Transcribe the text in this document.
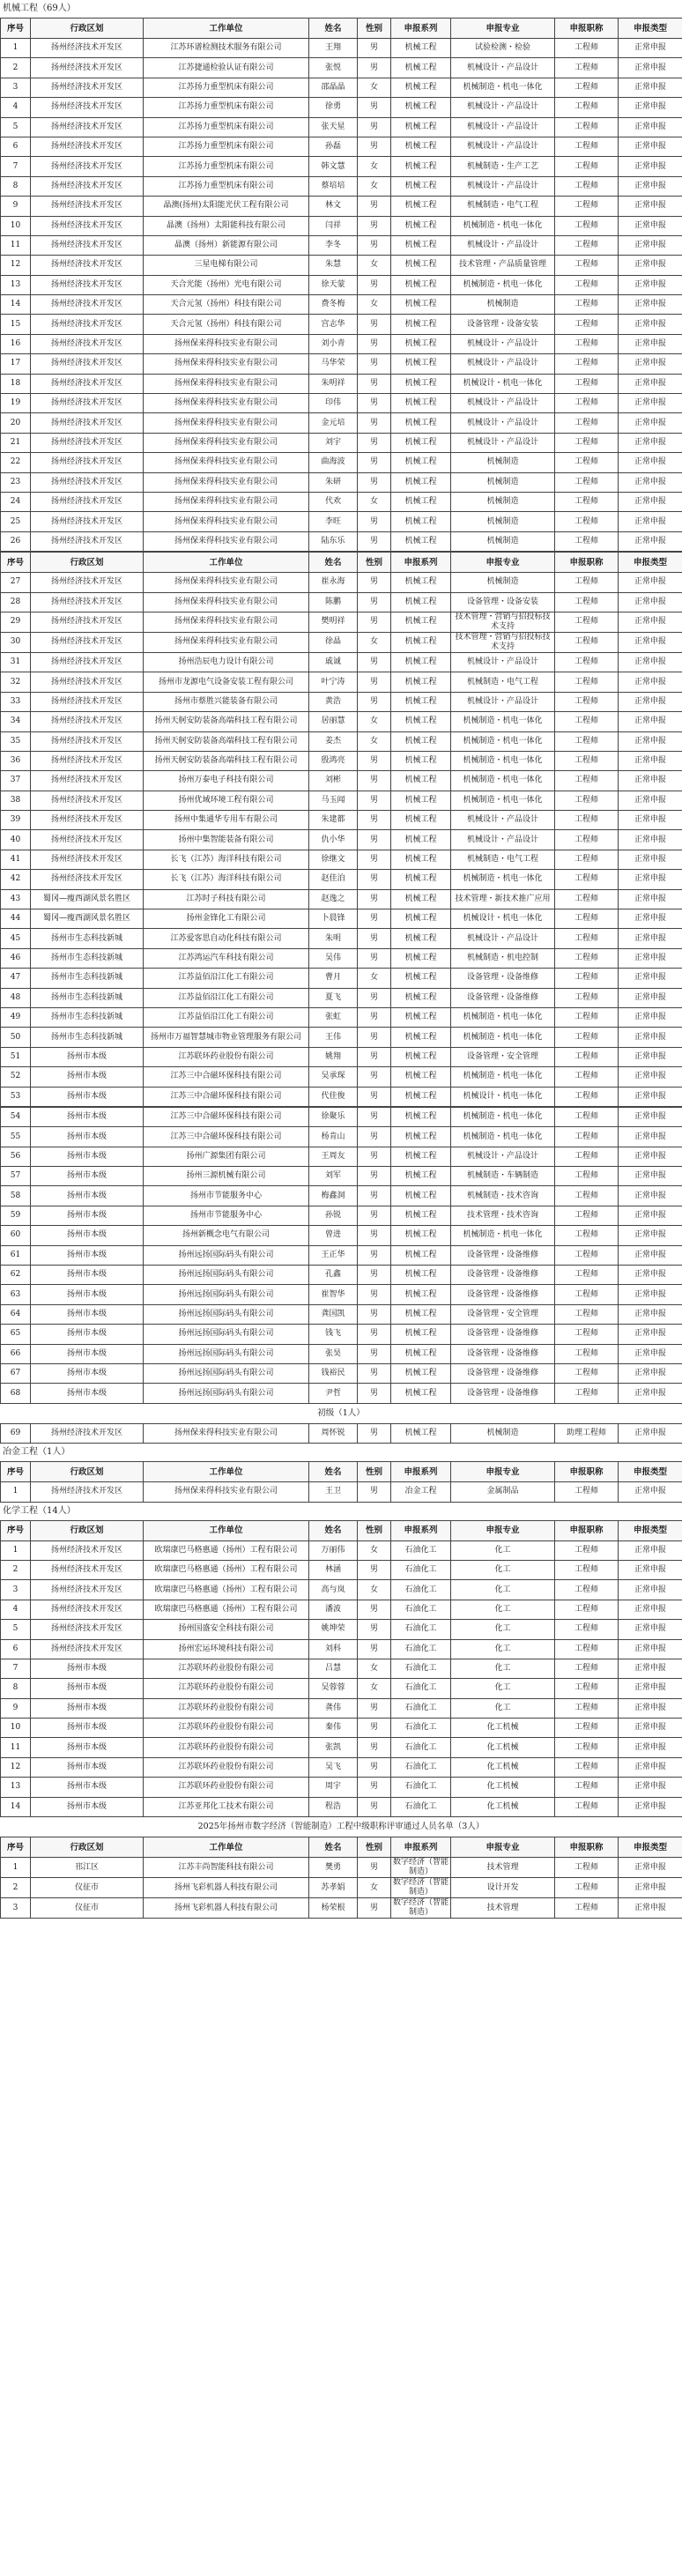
机械工程（69人）
序号	行政区划	工作单位	姓名	性别	申报系列	申报专业	申报职称	申报类型
1	扬州经济技术开发区	江苏环谱检测技术服务有限公司	王翔	男	机械工程	试验检测・检验	工程师	正常申报
2	扬州经济技术开发区	江苏捷通检验认证有限公司	张悦	男	机械工程	机械设计・产品设计	工程师	正常申报
3	扬州经济技术开发区	江苏扬力重型机床有限公司	邵晶晶	女	机械工程	机械制造・机电一体化	工程师	正常申报
4	扬州经济技术开发区	江苏扬力重型机床有限公司	徐勇	男	机械工程	机械设计・产品设计	工程师	正常申报
5	扬州经济技术开发区	江苏扬力重型机床有限公司	张天星	男	机械工程	机械设计・产品设计	工程师	正常申报
6	扬州经济技术开发区	江苏扬力重型机床有限公司	孙磊	男	机械工程	机械设计・产品设计	工程师	正常申报
7	扬州经济技术开发区	江苏扬力重型机床有限公司	韩文慧	女	机械工程	机械制造・生产工艺	工程师	正常申报
8	扬州经济技术开发区	江苏扬力重型机床有限公司	蔡培培	女	机械工程	机械设计・产品设计	工程师	正常申报
9	扬州经济技术开发区	晶澳(扬州)太阳能光伏工程有限公司	林文	男	机械工程	机械制造・电气工程	工程师	正常申报
10	扬州经济技术开发区	晶澳（扬州）太阳能科技有限公司	闫祥	男	机械工程	机械制造・机电一体化	工程师	正常申报
11	扬州经济技术开发区	晶澳（扬州）新能源有限公司	李冬	男	机械工程	机械设计・产品设计	工程师	正常申报
12	扬州经济技术开发区	三星电梯有限公司	朱慧	女	机械工程	技术管理・产品质量管理	工程师	正常申报
13	扬州经济技术开发区	天合光能（扬州）光电有限公司	徐天蒙	男	机械工程	机械制造・机电一体化	工程师	正常申报
14	扬州经济技术开发区	天合元氢（扬州）科技有限公司	费冬梅	女	机械工程	机械制造	工程师	正常申报
15	扬州经济技术开发区	天合元氢（扬州）科技有限公司	宫志华	男	机械工程	设备管理・设备安装	工程师	正常申报
16	扬州经济技术开发区	扬州保来得科技实业有限公司	刘小青	男	机械工程	机械设计・产品设计	工程师	正常申报
17	扬州经济技术开发区	扬州保来得科技实业有限公司	马华荣	男	机械工程	机械设计・产品设计	工程师	正常申报
18	扬州经济技术开发区	扬州保来得科技实业有限公司	朱明祥	男	机械工程	机械设计・机电一体化	工程师	正常申报
19	扬州经济技术开发区	扬州保来得科技实业有限公司	印伟	男	机械工程	机械设计・产品设计	工程师	正常申报
20	扬州经济技术开发区	扬州保来得科技实业有限公司	金元培	男	机械工程	机械设计・产品设计	工程师	正常申报
21	扬州经济技术开发区	扬州保来得科技实业有限公司	刘宇	男	机械工程	机械设计・产品设计	工程师	正常申报
22	扬州经济技术开发区	扬州保来得科技实业有限公司	曲海波	男	机械工程	机械制造	工程师	正常申报
23	扬州经济技术开发区	扬州保来得科技实业有限公司	朱研	男	机械工程	机械制造	工程师	正常申报
24	扬州经济技术开发区	扬州保来得科技实业有限公司	代欢	女	机械工程	机械制造	工程师	正常申报
25	扬州经济技术开发区	扬州保来得科技实业有限公司	李旺	男	机械工程	机械制造	工程师	正常申报
26	扬州经济技术开发区	扬州保来得科技实业有限公司	陆东乐	男	机械工程	机械制造	工程师	正常申报
序号	行政区划	工作单位	姓名	性别	申报系列	申报专业	申报职称	申报类型
27	扬州经济技术开发区	扬州保来得科技实业有限公司	崔永海	男	机械工程	机械制造	工程师	正常申报
28	扬州经济技术开发区	扬州保来得科技实业有限公司	陈鹏	男	机械工程	设备管理・设备安装	工程师	正常申报
29	扬州经济技术开发区	扬州保来得科技实业有限公司	樊明祥	男	机械工程	技术管理・营销与招投标技术支持	工程师	正常申报
30	扬州经济技术开发区	扬州保来得科技实业有限公司	徐晶	女	机械工程	技术管理・营销与招投标技术支持	工程师	正常申报
31	扬州经济技术开发区	扬州浩辰电力设计有限公司	戚诚	男	机械工程	机械设计・产品设计	工程师	正常申报
32	扬州经济技术开发区	扬州市龙源电气设备安装工程有限公司	叶宁涛	男	机械工程	机械制造・电气工程	工程师	正常申报
33	扬州经济技术开发区	扬州市蔡胜兴能装备有限公司	黄浩	男	机械工程	机械设计・产品设计	工程师	正常申报
34	扬州经济技术开发区	扬州天舸安防装备高端科技工程有限公司	居丽慧	女	机械工程	机械制造・机电一体化	工程师	正常申报
35	扬州经济技术开发区	扬州天舸安防装备高端科技工程有限公司	姜杰	女	机械工程	机械制造・机电一体化	工程师	正常申报
36	扬州经济技术开发区	扬州天舸安防装备高端科技工程有限公司	殷鸿亮	男	机械工程	机械制造・机电一体化	工程师	正常申报
37	扬州经济技术开发区	扬州万泰电子科技有限公司	刘彬	男	机械工程	机械制造・机电一体化	工程师	正常申报
38	扬州经济技术开发区	扬州优域环境工程有限公司	马玉闻	男	机械工程	机械制造・机电一体化	工程师	正常申报
39	扬州经济技术开发区	扬州中集通华专用车有限公司	朱建都	男	机械工程	机械设计・产品设计	工程师	正常申报
40	扬州经济技术开发区	扬州中集智能装备有限公司	仇小华	男	机械工程	机械设计・产品设计	工程师	正常申报
41	扬州经济技术开发区	长飞（江苏）海洋科技有限公司	徐继文	男	机械工程	机械制造・电气工程	工程师	正常申报
42	扬州经济技术开发区	长飞（江苏）海洋科技有限公司	赵佳泊	男	机械工程	机械制造・机电一体化	工程师	正常申报
43	蜀冈—瘦西湖风景名胜区	江苏时子科技有限公司	赵逸之	男	机械工程	技术管理・新技术推广应用	工程师	正常申报
44	蜀冈—瘦西湖风景名胜区	扬州金锋化工有限公司	卜晨锋	男	机械工程	机械设计・机电一体化	工程师	正常申报
45	扬州市生态科技新城	江苏爱客思自动化科技有限公司	朱明	男	机械工程	机械设计・产品设计	工程师	正常申报
46	扬州市生态科技新城	江苏鸿运汽车科技有限公司	吴伟	男	机械工程	机械制造・机电控制	工程师	正常申报
47	扬州市生态科技新城	江苏益佰沿江化工有限公司	曹月	女	机械工程	设备管理・设备维修	工程师	正常申报
48	扬州市生态科技新城	江苏益佰沿江化工有限公司	夏飞	男	机械工程	设备管理・设备维修	工程师	正常申报
49	扬州市生态科技新城	江苏益佰沿江化工有限公司	张虹	男	机械工程	机械制造・机电一体化	工程师	正常申报
50	扬州市生态科技新城	扬州市万福智慧城市物业管理服务有限公司	王伟	男	机械工程	机械制造・机电一体化	工程师	正常申报
51	扬州市本级	江苏联环药业股份有限公司	姚翔	男	机械工程	设备管理・安全管理	工程师	正常申报
52	扬州市本级	江苏三中合磁环保科技有限公司	吴承琛	男	机械工程	机械制造・机电一体化	工程师	正常申报
53	扬州市本级	江苏三中合磁环保科技有限公司	代佳俊	男	机械工程	机械设计・机电一体化	工程师	正常申报
54	扬州市本级	江苏三中合磁环保科技有限公司	徐聚乐	男	机械工程	机械制造・机电一体化	工程师	正常申报
55	扬州市本级	江苏三中合磁环保科技有限公司	杨肯山	男	机械工程	机械制造・机电一体化	工程师	正常申报
56	扬州市本级	扬州广源集团有限公司	王周友	男	机械工程	机械设计・产品设计	工程师	正常申报
57	扬州市本级	扬州三源机械有限公司	刘军	男	机械工程	机械制造・车辆制造	工程师	正常申报
58	扬州市本级	扬州市节能服务中心	梅鑫洞	男	机械工程	机械制造・技术咨询	工程师	正常申报
59	扬州市本级	扬州市节能服务中心	孙锐	男	机械工程	技术管理・技术咨询	工程师	正常申报
60	扬州市本级	扬州新概念电气有限公司	曾进	男	机械工程	机械制造・机电一体化	工程师	正常申报
61	扬州市本级	扬州远扬国际码头有限公司	王正华	男	机械工程	设备管理・设备维修	工程师	正常申报
62	扬州市本级	扬州远扬国际码头有限公司	孔鑫	男	机械工程	设备管理・设备维修	工程师	正常申报
63	扬州市本级	扬州远扬国际码头有限公司	崔智华	男	机械工程	设备管理・设备维修	工程师	正常申报
64	扬州市本级	扬州远扬国际码头有限公司	龚国凯	男	机械工程	设备管理・安全管理	工程师	正常申报
65	扬州市本级	扬州远扬国际码头有限公司	钱飞	男	机械工程	设备管理・设备维修	工程师	正常申报
66	扬州市本级	扬州远扬国际码头有限公司	张昊	男	机械工程	设备管理・设备维修	工程师	正常申报
67	扬州市本级	扬州远扬国际码头有限公司	钱裕民	男	机械工程	设备管理・设备维修	工程师	正常申报
68	扬州市本级	扬州远扬国际码头有限公司	尹哲	男	机械工程	设备管理・设备维修	工程师	正常申报
初级（1人）
69	扬州经济技术开发区	扬州保来得科技实业有限公司	周怀锐	男	机械工程	机械制造	助理工程师	正常申报
冶金工程（1人）
序号	行政区划	工作单位	姓名	性别	申报系列	申报专业	申报职称	申报类型
1	扬州经济技术开发区	扬州保来得科技实业有限公司	王卫	男	冶金工程	金属制品	工程师	正常申报
化学工程（14人）
序号	行政区划	工作单位	姓名	性别	申报系列	申报专业	申报职称	申报类型
1	扬州经济技术开发区	欧瑞康巴马格惠通（扬州）工程有限公司	万丽伟	女	石油化工	化工	工程师	正常申报
2	扬州经济技术开发区	欧瑞康巴马格惠通（扬州）工程有限公司	林涵	男	石油化工	化工	工程师	正常申报
3	扬州经济技术开发区	欧瑞康巴马格惠通（扬州）工程有限公司	高与岚	女	石油化工	化工	工程师	正常申报
4	扬州经济技术开发区	欧瑞康巴马格惠通（扬州）工程有限公司	潘波	男	石油化工	化工	工程师	正常申报
5	扬州经济技术开发区	扬州国盛安全科技有限公司	姚坤荣	男	石油化工	化工	工程师	正常申报
6	扬州经济技术开发区	扬州宏运环境科技有限公司	刘科	男	石油化工	化工	工程师	正常申报
7	扬州市本级	江苏联环药业股份有限公司	吕慧	女	石油化工	化工	工程师	正常申报
8	扬州市本级	江苏联环药业股份有限公司	吴蓉蓉	女	石油化工	化工	工程师	正常申报
9	扬州市本级	江苏联环药业股份有限公司	龚伟	男	石油化工	化工	工程师	正常申报
10	扬州市本级	江苏联环药业股份有限公司	秦伟	男	石油化工	化工机械	工程师	正常申报
11	扬州市本级	江苏联环药业股份有限公司	张凯	男	石油化工	化工机械	工程师	正常申报
12	扬州市本级	江苏联环药业股份有限公司	吴飞	男	石油化工	化工机械	工程师	正常申报
13	扬州市本级	江苏联环药业股份有限公司	周宇	男	石油化工	化工机械	工程师	正常申报
14	扬州市本级	江苏亚邦化工技术有限公司	程浩	男	石油化工	化工机械	工程师	正常申报
2025年扬州市数字经济（智能制造）工程中级职称评审通过人员名单（3人）
序号	行政区划	工作单位	姓名	性别	申报系列	申报专业	申报职称	申报类型
1	邗江区	江苏丰尚智能科技有限公司	樊勇	男	数字经济（智能制造）	技术管理	工程师	正常申报
2	仪征市	扬州飞彩机器人科技有限公司	苏孝娟	女	数字经济（智能制造）	设计开发	工程师	正常申报
3	仪征市	扬州飞彩机器人科技有限公司	杨荣根	男	数字经济（智能制造）	技术管理	工程师	正常申报
